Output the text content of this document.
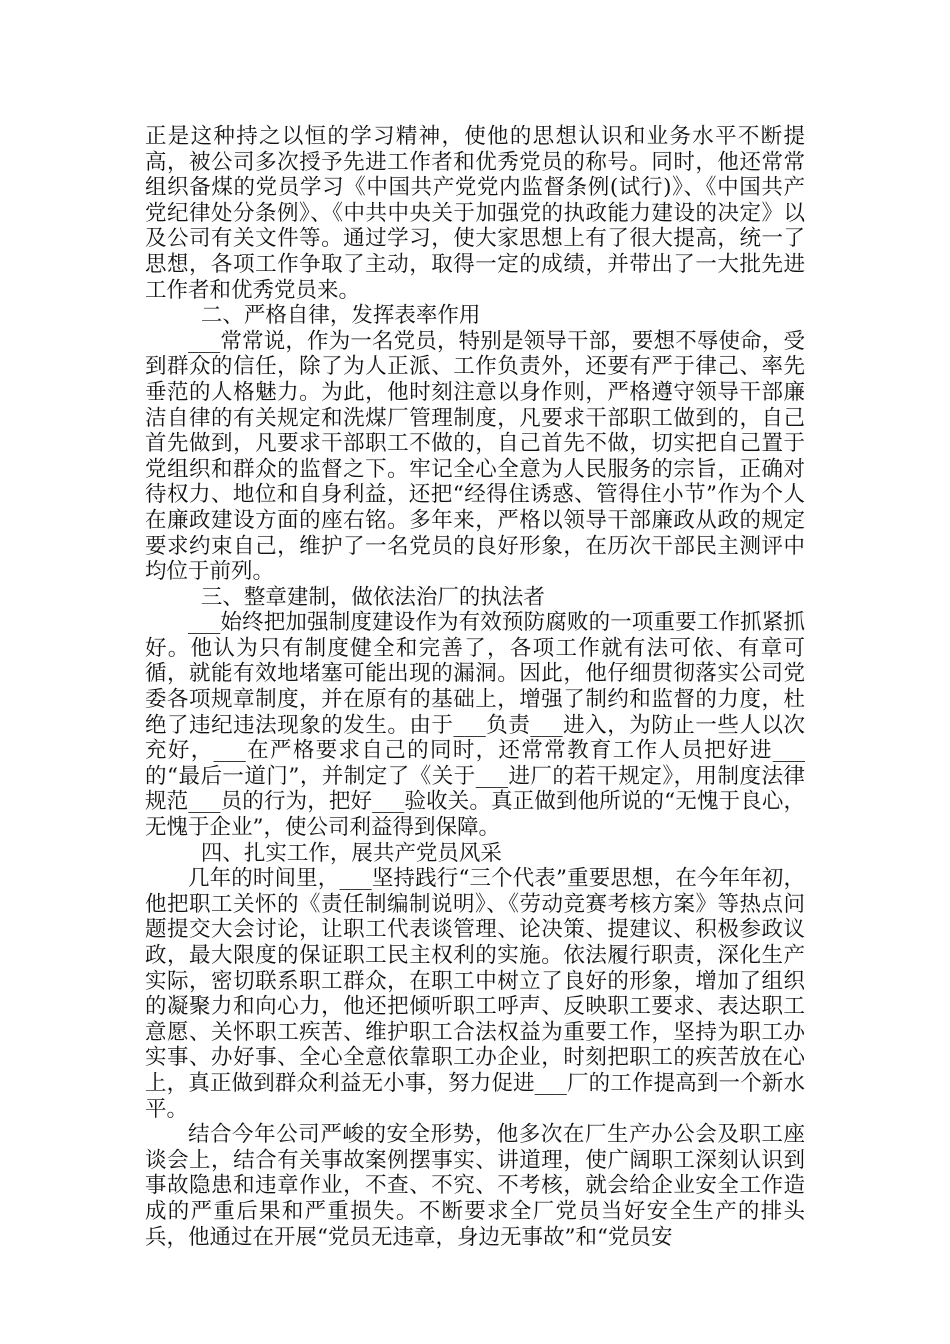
正是这种持之以恒的学习精神，使他的思想认识和业务水平不断提高，被公司多次授予先进工作者和优秀党员的称号。同时，他还常常组织备煤的党员学习《中国共产党党内监督条例(试行)》、《中国共产党纪律处分条例》、《中共中央关于加强党的执政能力建设的决定》以及公司有关文件等。通过学习，使大家思想上有了很大提高，统一了思想，各项工作争取了主动，取得一定的成绩，并带出了一大批先进工作者和优秀党员来。

二、严格自律，发挥表率作用

___常常说，作为一名党员，特别是领导干部，要想不辱使命，受到群众的信任，除了为人正派、工作负责外，还要有严于律己、率先垂范的人格魅力。为此，他时刻注意以身作则，严格遵守领导干部廉洁自律的有关规定和洗煤厂管理制度，凡要求干部职工做到的，自己首先做到，凡要求干部职工不做的，自己首先不做，切实把自己置于党组织和群众的监督之下。牢记全心全意为人民服务的宗旨，正确对待权力、地位和自身利益，还把“经得住诱惑、管得住小节”作为个人在廉政建设方面的座右铭。多年来，严格以领导干部廉政从政的规定要求约束自己，维护了一名党员的良好形象，在历次干部民主测评中均位于前列。

三、整章建制，做依法治厂的执法者

___始终把加强制度建设作为有效预防腐败的一项重要工作抓紧抓好。他认为只有制度健全和完善了，各项工作就有法可依、有章可循，就能有效地堵塞可能出现的漏洞。因此，他仔细贯彻落实公司党委各项规章制度，并在原有的基础上，增强了制约和监督的力度，杜绝了违纪违法现象的发生。由于___负责___进入，为防止一些人以次充好，___在严格要求自己的同时，还常常教育工作人员把好进___的“最后一道门”，并制定了《关于___进厂的若干规定》，用制度法律规范___员的行为，把好___验收关。真正做到他所说的“无愧于良心，无愧于企业”，使公司利益得到保障。

四、扎实工作，展共产党员风采

几年的时间里，___坚持践行“三个代表”重要思想，在今年年初，他把职工关怀的《责任制编制说明》、《劳动竞赛考核方案》等热点问题提交大会讨论，让职工代表谈管理、论决策、提建议、积极参政议政，最大限度的保证职工民主权利的实施。依法履行职责，深化生产实际，密切联系职工群众，在职工中树立了良好的形象，增加了组织的凝聚力和向心力，他还把倾听职工呼声、反映职工要求、表达职工意愿、关怀职工疾苦、维护职工合法权益为重要工作，坚持为职工办实事、办好事、全心全意依靠职工办企业，时刻把职工的疾苦放在心上，真正做到群众利益无小事，努力促进___厂的工作提高到一个新水平。

结合今年公司严峻的安全形势，他多次在厂生产办公会及职工座谈会上，结合有关事故案例摆事实、讲道理，使广阔职工深刻认识到事故隐患和违章作业，不查、不究、不考核，就会给企业安全工作造成的严重后果和严重损失。不断要求全厂党员当好安全生产的排头兵，他通过在开展“党员无违章，身边无事故”和“党员安
